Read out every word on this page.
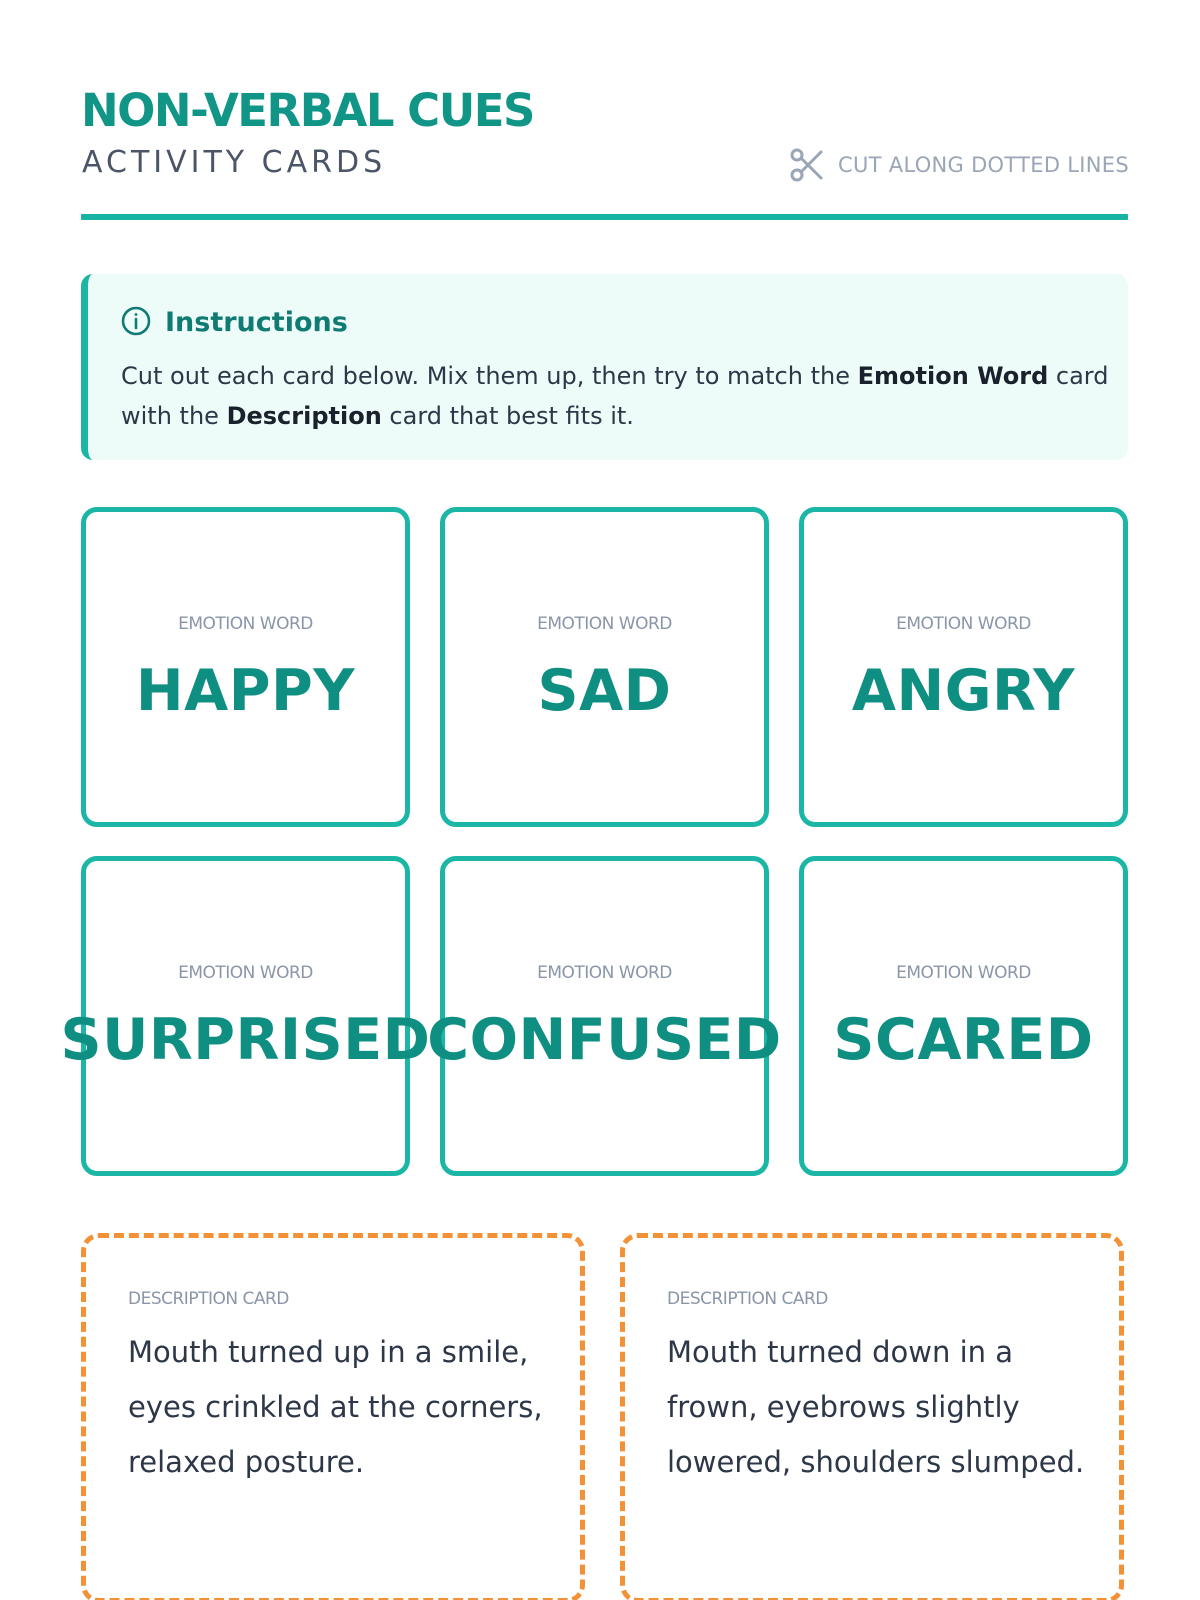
NON-VERBAL CUES
ACTIVITY CARDS	CUT ALONG DOTTED LINES
Instructions

Cut out each card below. Mix them up, then try to match the Emotion Word card with the Description card that best fits it.

EMOTION WORD
HAPPY
EMOTION WORD
SAD
EMOTION WORD
ANGRY
EMOTION WORD
SURPRISED
EMOTION WORD
CONFUSED
EMOTION WORD
SCARED
DESCRIPTION CARD

Mouth turned up in a smile, eyes crinkled at the corners, relaxed posture.

DESCRIPTION CARD

Mouth turned down in a frown, eyebrows slightly lowered, shoulders slumped.
